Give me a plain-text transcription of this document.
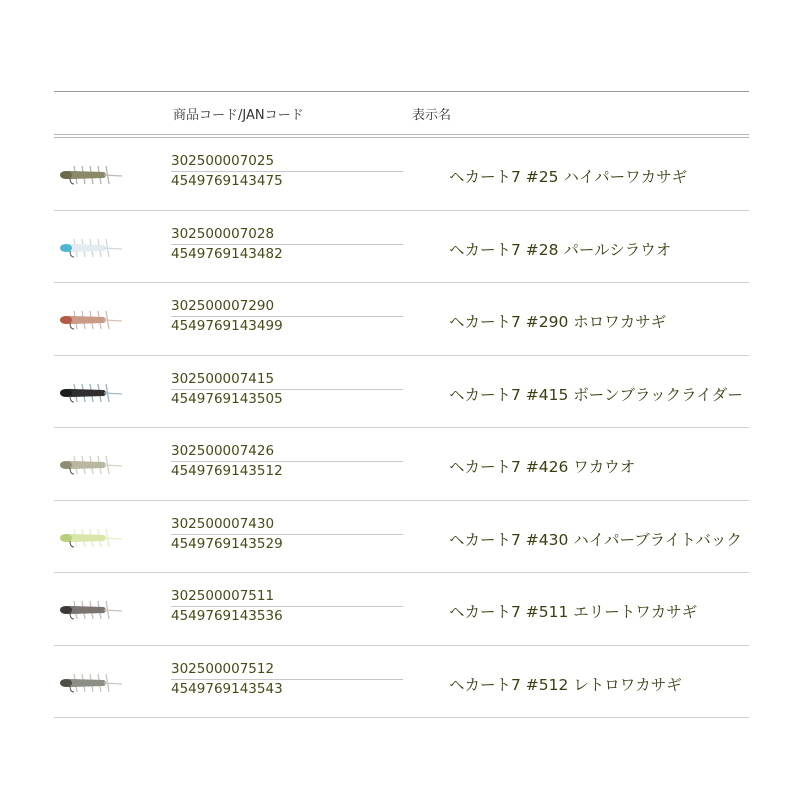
商品コード/JANコード	表示名
302500007025
4549769143475	ヘカート7 #25 ハイパーワカサギ
302500007028
4549769143482	ヘカート7 #28 パールシラウオ
302500007290
4549769143499	ヘカート7 #290 ホロワカサギ
302500007415
4549769143505	ヘカート7 #415 ボーンブラックライダー
302500007426
4549769143512	ヘカート7 #426 ワカウオ
302500007430
4549769143529	ヘカート7 #430 ハイパーブライトバック
302500007511
4549769143536	ヘカート7 #511 エリートワカサギ
302500007512
4549769143543	ヘカート7 #512 レトロワカサギ
